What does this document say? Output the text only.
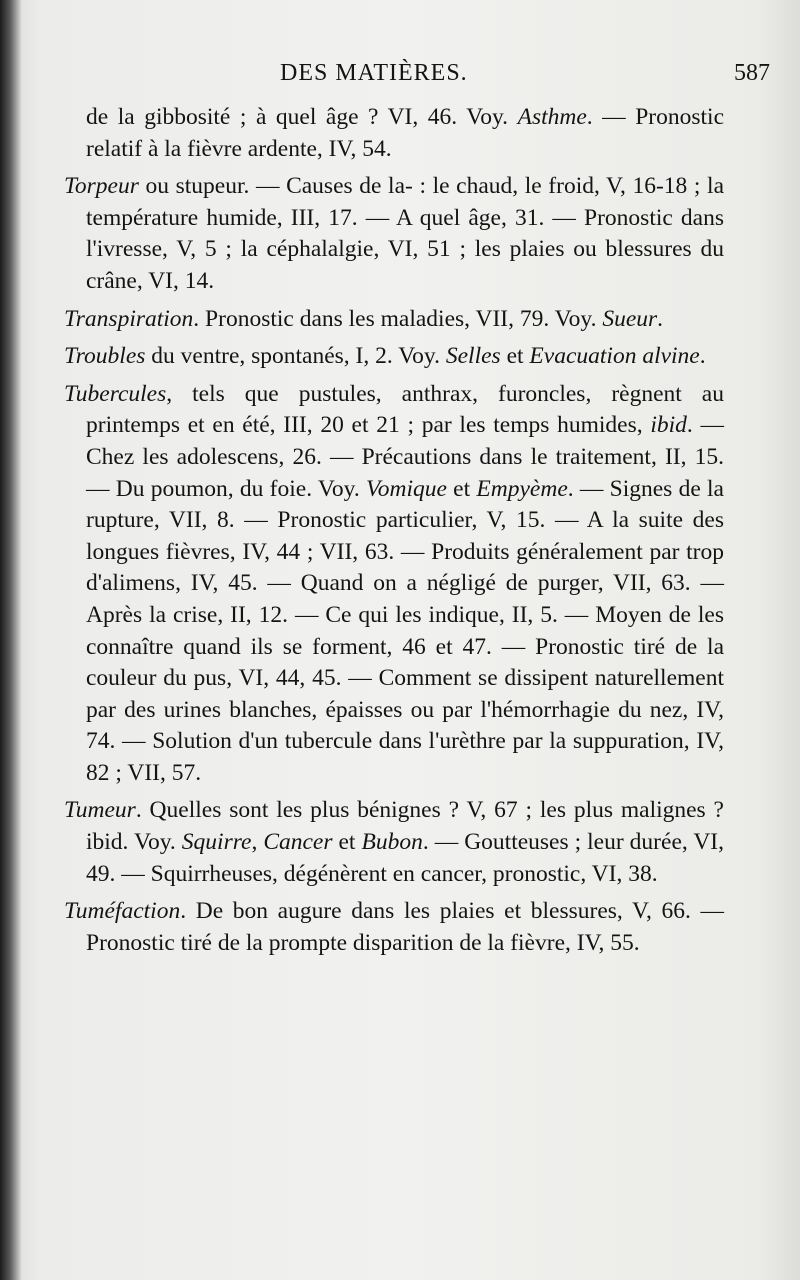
DES MATIÈRES.	587

de la gibbosité ; à quel âge ? VI, 46. Voy. Asthme. — Pronostic relatif à la fièvre ardente, IV, 54.

Torpeur ou stupeur. — Causes de la- : le chaud, le froid, V, 16-18 ; la température humide, III, 17. — A quel âge, 31. — Pronostic dans l'ivresse, V, 5 ; la céphalalgie, VI, 51 ; les plaies ou blessures du crâne, VI, 14.

Transpiration. Pronostic dans les maladies, VII, 79. Voy. Sueur.

Troubles du ventre, spontanés, I, 2. Voy. Selles et Evacuation alvine.

Tubercules, tels que pustules, anthrax, furoncles, règnent au printemps et en été, III, 20 et 21 ; par les temps humides, ibid. — Chez les adolescens, 26. — Précautions dans le traitement, II, 15. — Du poumon, du foie. Voy. Vomique et Empyème. — Signes de la rupture, VII, 8. — Pronostic particulier, V, 15. — A la suite des longues fièvres, IV, 44 ; VII, 63. — Produits généralement par trop d'alimens, IV, 45. — Quand on a négligé de purger, VII, 63. — Après la crise, II, 12. — Ce qui les indique, II, 5. — Moyen de les connaître quand ils se forment, 46 et 47. — Pronostic tiré de la couleur du pus, VI, 44, 45. — Comment se dissipent naturellement par des urines blanches, épaisses ou par l'hémorrhagie du nez, IV, 74. — Solution d'un tubercule dans l'urèthre par la suppuration, IV, 82 ; VII, 57.

Tumeur. Quelles sont les plus bénignes ? V, 67 ; les plus malignes ? ibid. Voy. Squirre, Cancer et Bubon. — Goutteuses ; leur durée, VI, 49. — Squirrheuses, dégénèrent en cancer, pronostic, VI, 38.

Tuméfaction. De bon augure dans les plaies et blessures, V, 66. — Pronostic tiré de la prompte disparition de la fièvre, IV, 55.
